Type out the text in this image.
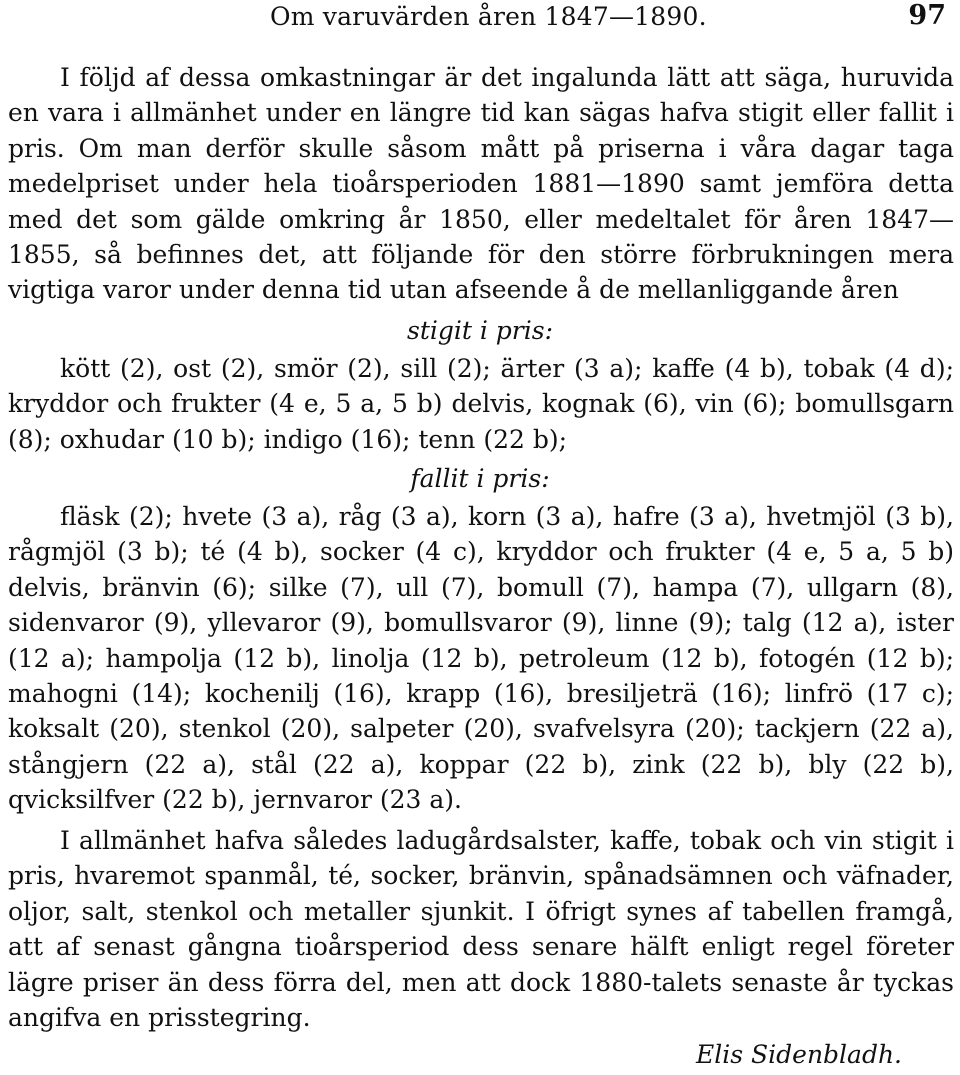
Om varuvärden åren 1847—1890.	97

I följd af dessa omkastningar är det ingalunda lätt att säga, huruvida en vara i allmänhet under en längre tid kan sägas hafva stigit eller fallit i pris. Om man derför skulle såsom mått på priserna i våra dagar taga medelpriset under hela tioårsperioden 1881—1890 samt jemföra detta med det som gälde omkring år 1850, eller medeltalet för åren 1847—1855, så befinnes det, att följande för den större förbrukningen mera vigtiga varor under denna tid utan afseende å de mellanliggande åren

stigit i pris:

kött (2), ost (2), smör (2), sill (2); ärter (3 a); kaffe (4 b), tobak (4 d); kryddor och frukter (4 e, 5 a, 5 b) delvis, kognak (6), vin (6); bomullsgarn (8); oxhudar (10 b); indigo (16); tenn (22 b);

fallit i pris:

fläsk (2); hvete (3 a), råg (3 a), korn (3 a), hafre (3 a), hvetmjöl (3 b), rågmjöl (3 b); té (4 b), socker (4 c), kryddor och frukter (4 e, 5 a, 5 b) delvis, bränvin (6); silke (7), ull (7), bomull (7), hampa (7), ullgarn (8), sidenvaror (9), yllevaror (9), bomullsvaror (9), linne (9); talg (12 a), ister (12 a); hampolja (12 b), linolja (12 b), petroleum (12 b), fotogén (12 b); mahogni (14); kochenilj (16), krapp (16), bresiljeträ (16); linfrö (17 c); koksalt (20), stenkol (20), salpeter (20), svafvelsyra (20); tackjern (22 a), stångjern (22 a), stål (22 a), koppar (22 b), zink (22 b), bly (22 b), qvicksilfver (22 b), jernvaror (23 a).

I allmänhet hafva således ladugårdsalster, kaffe, tobak och vin stigit i pris, hvaremot spanmål, té, socker, bränvin, spånadsämnen och väfnader, oljor, salt, stenkol och metaller sjunkit. I öfrigt synes af tabellen framgå, att af senast gångna tioårsperiod dess senare hälft enligt regel företer lägre priser än dess förra del, men att dock 1880-talets senaste år tyckas angifva en prisstegring.

Elis Sidenbladh.
